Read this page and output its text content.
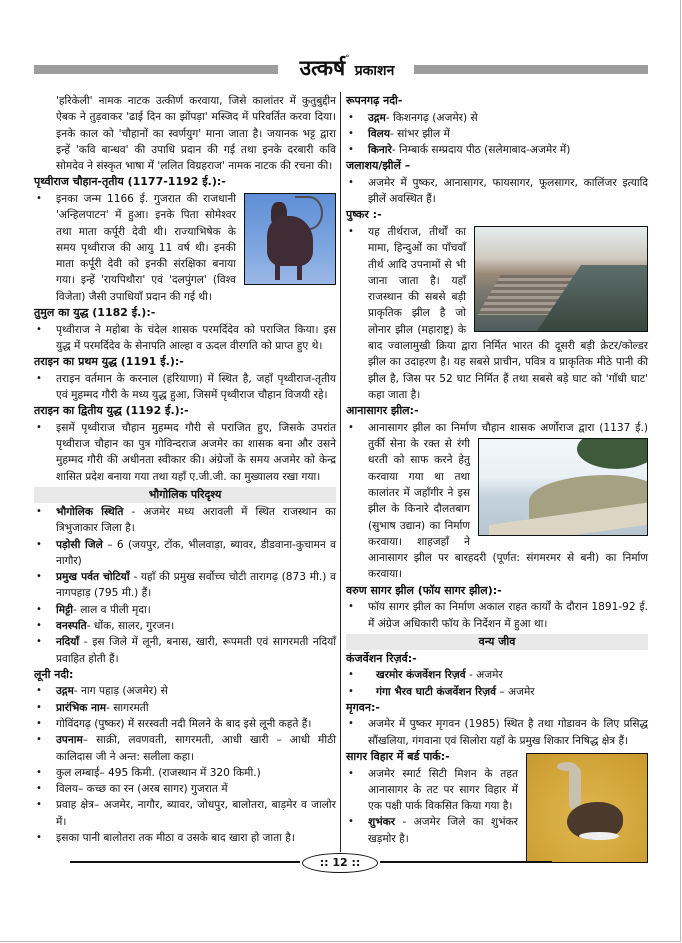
उत्कर्ष° प्रकाशन

'हरिकेली' नामक नाटक उत्कीर्ण करवाया, जिसे कालांतर में कुतुबुद्दीन ऐबक ने तुड़वाकर 'ढाई दिन का झोंपड़ा' मस्जिद में परिवर्तित करवा दिया। इनके काल को 'चौहानों का स्वर्णयुग' माना जाता है। जयानक भट्ट द्वारा इन्हें 'कवि बान्धव' की उपाधि प्रदान की गई तथा इनके दरबारी कवि सोमदेव ने संस्कृत भाषा में 'ललित विग्रहराज' नामक नाटक की रचना की।

पृथ्वीराज चौहान-तृतीय (1177-1192 ई.):-
• इनका जन्म 1166 ई. गुजरात की राजधानी 'अन्हिलपाटन' में हुआ। इनके पिता सोमेश्वर तथा माता कर्पूरी देवी थी। राज्याभिषेक के समय पृथ्वीराज की आयु 11 वर्ष थी। इनकी माता कर्पूरी देवी को इनकी संरक्षिका बनाया गया। इन्हें 'रायपिथौरा' एवं 'दलपुंगल' (विश्व विजेता) जैसी उपाधियाँ प्रदान की गई थी।
तुमुल का युद्ध (1182 ई.):-
• पृथ्वीराज ने महोबा के चंदेल शासक परमर्दिदेव को पराजित किया। इस युद्ध में परमर्दिदेव के सेनापति आल्हा व ऊदल वीरगति को प्राप्त हुए थे।
तराइन का प्रथम युद्ध (1191 ई.):-
• तराइन वर्तमान के करनाल (हरियाणा) में स्थित है, जहाँ पृथ्वीराज-तृतीय एवं मुहम्मद गौरी के मध्य युद्ध हुआ, जिसमें पृथ्वीराज चौहान विजयी रहे।
तराइन का द्वितीय युद्ध (1192 ई.):-
• इसमें पृथ्वीराज चौहान मुहम्मद गौरी से पराजित हुए, जिसके उपरांत पृथ्वीराज चौहान का पुत्र गोविन्दराज अजमेर का शासक बना और उसने मुहम्मद गौरी की अधीनता स्वीकार की। अंग्रेजों के समय अजमेर को केन्द्र शासित प्रदेश बनाया गया तथा यहाँ ए.जी.जी. का मुख्यालय रखा गया।
भौगोलिक परिदृश्य
• भौगोलिक स्थिति - अजमेर मध्य अरावली में स्थित राजस्थान का त्रिभुजाकार जिला है।
• पड़ोसी जिले – 6 (जयपुर, टोंक, भीलवाड़ा, ब्यावर, डीडवाना-कुचामन व नागौर)
• प्रमुख पर्वत चोटियाँ - यहाँ की प्रमुख सर्वोच्च चोटी तारागढ़ (873 मी.) व नागपहाड़ (795 मी.) हैं।
• मिट्टी- लाल व पीली मृदा।
• वनस्पति- धोंक, सालर, गुरजन।
• नदियाँ - इस जिले में लूनी, बनास, खारी, रूपमती एवं सागरमती नदियाँ प्रवाहित होती हैं।
लूनी नदी:
• उद्गम- नाग पहाड़ (अजमेर) से
• प्रारंभिक नाम- सागरमती
• गोविंदगढ़ (पुष्कर) में सरस्वती नदी मिलने के बाद इसे लूनी कहते हैं।
• उपनाम– साक्री, लवणवती, सागरमती, आधी खारी – आधी मीठी कालिदास जी ने अन्त: सलीला कहा।
• कुल लम्बाई– 495 किमी. (राजस्थान में 320 किमी.)
• विलय– कच्छ का रन (अरब सागर) गुजरात में
• प्रवाह क्षेत्र– अजमेर, नागौर, ब्यावर, जोधपुर, बालोतरा, बाड़मेर व जालोर में।
• इसका पानी बालोतरा तक मीठा व उसके बाद खारा हो जाता है।
रूपनगढ़ नदी-
• उद्गम- किशनगढ़ (अजमेर) से
• विलय- सांभर झील में
• किनारे- निम्बार्क सम्प्रदाय पीठ (सलेमाबाद-अजमेर में)
जलाशय/झीलें –
• अजमेर में पुष्कर, आनासागर, फायसागर, फूलसागर, कालिंजर इत्यादि झीलें अवस्थित हैं।
पुष्कर :-
• यह तीर्थराज, तीर्थों का मामा, हिन्दुओं का पाँचवाँ तीर्थ आदि उपनामों से भी जाना जाता है। यहाँ राजस्थान की सबसे बड़ी प्राकृतिक झील है जो लोनार झील (महाराष्ट्र) के बाद ज्वालामुखी क्रिया द्वारा निर्मित भारत की दूसरी बड़ी क्रेटर/कोल्डर झील का उदाहरण है। यह सबसे प्राचीन, पवित्र व प्राकृतिक मीठे पानी की झील है, जिस पर 52 घाट निर्मित हैं तथा सबसे बड़े घाट को 'गाँधी घाट' कहा जाता है।
आनासागर झील:-
• आनासागर झील का निर्माण चौहान शासक अर्णोराज द्वारा (1137 ई.)
तुर्की सेना के रक्त से रंगी धरती को साफ करने हेतु करवाया गया था तथा कालांतर में जहाँगीर ने इस झील के किनारे दौलतबाग (सुभाष उद्यान) का निर्माण करवाया। शाहजहाँ ने आनासागर झील पर बारहदरी (पूर्णत: संगमरमर से बनी) का निर्माण करवाया।
वरुण सागर झील (फॉय सागर झील):-
• फॉय सागर झील का निर्माण अकाल राहत कार्यों के दौरान 1891-92 ई. में अंग्रेज अधिकारी फॉय के निर्देशन में हुआ था।
वन्य जीव
कंजर्वेशन रिज़र्व:-
• खरमोर कंजर्वेशन रिज़र्व - अजमेर
• गंगा भैरव घाटी कंजर्वेशन रिज़र्व – अजमेर
मृगवन:-
• अजमेर में पुष्कर मृगवन (1985) स्थित है तथा गोडावन के लिए प्रसिद्ध सौंखलिया, गंगवाना एवं सिलोरा यहाँ के प्रमुख शिकार निषिद्ध क्षेत्र हैं।
सागर विहार में बर्ड पार्क:-
• अजमेर स्मार्ट सिटी मिशन के तहत आनासागर के तट पर सागर विहार में एक पक्षी पार्क विकसित किया गया है।
• शुभंकर - अजमेर जिले का शुभंकर खड़मोर है।
:: 12 ::
